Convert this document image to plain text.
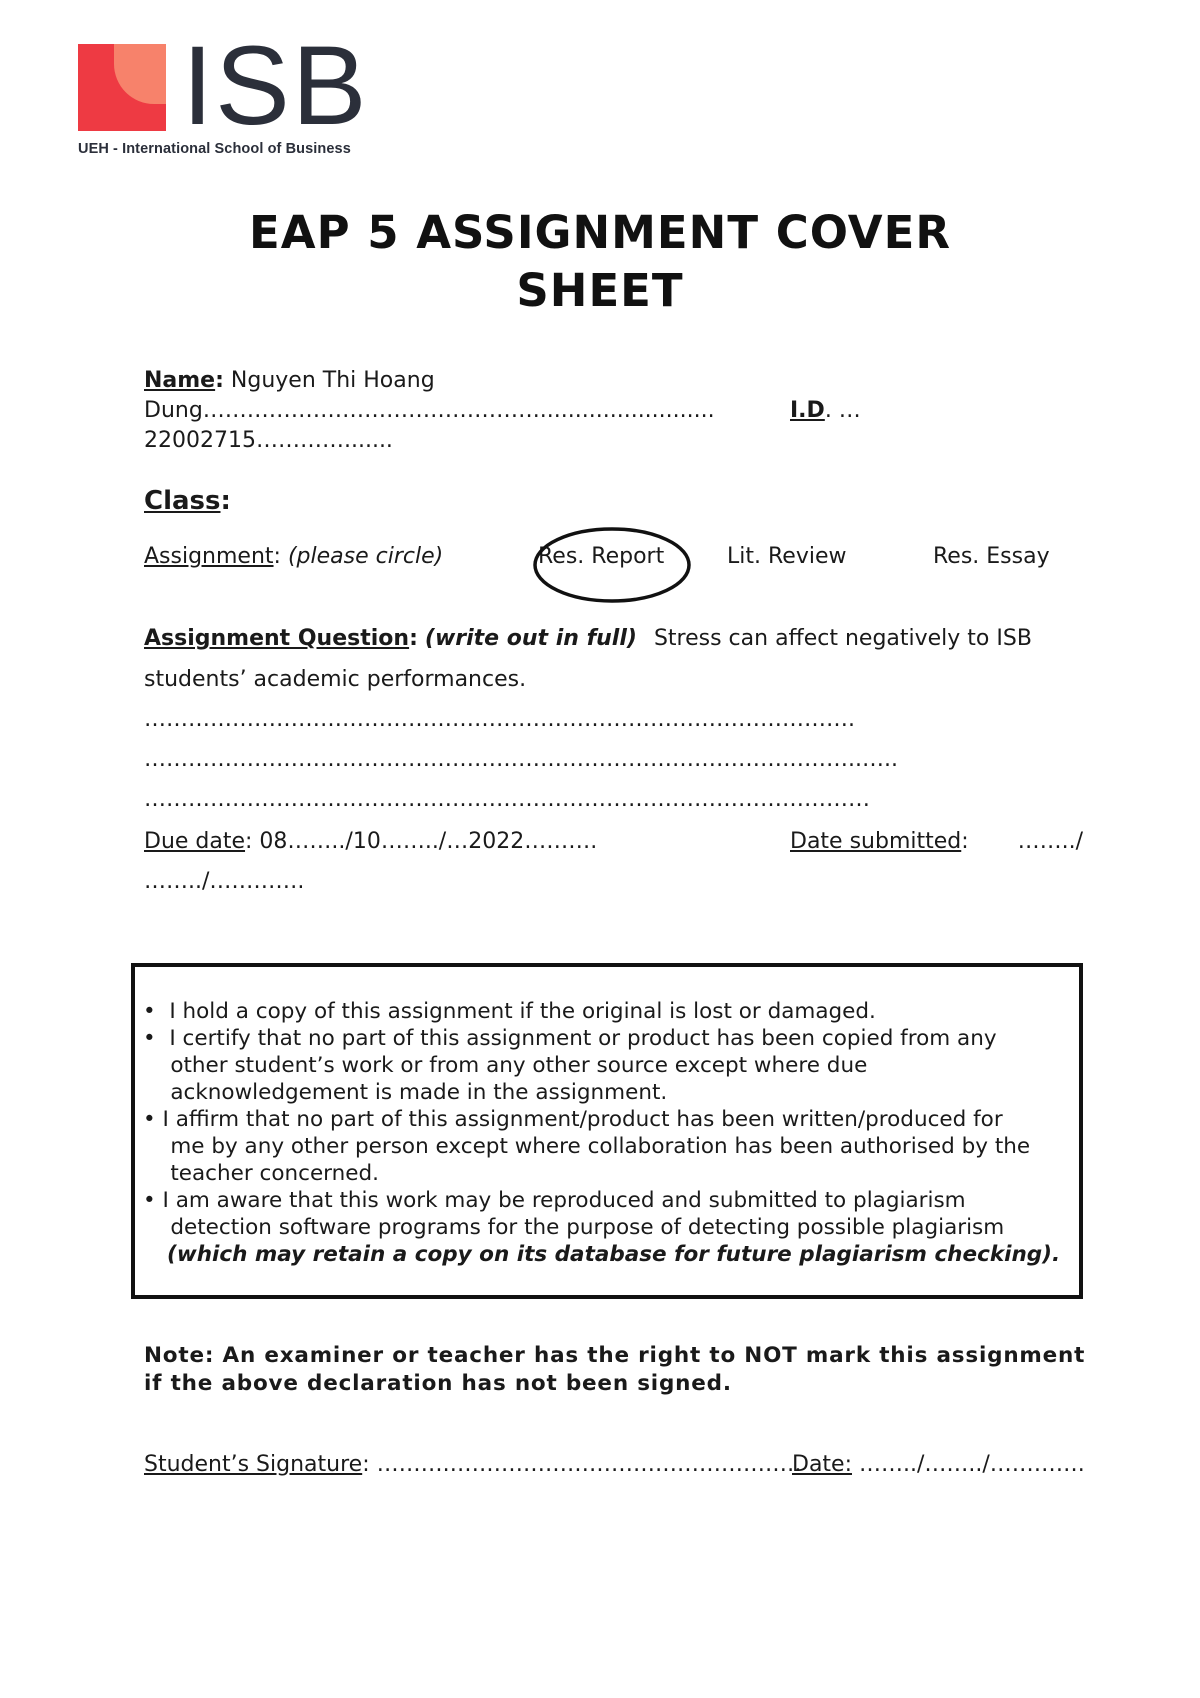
ISB
UEH - International School of Business
EAP 5 ASSIGNMENT COVER
SHEET
Name: Nguyen Thi Hoang
Dung………………………………………..........................	I.D. …
22002715………….......
Class:
Assignment: (please circle)	Res. Report	Lit. Review	Res. Essay
Assignment Question: (write out in full) Stress can affect negatively to ISB
students’ academic performances.
…………………………………………………………………………………….
……………………………………………………………………………………..…..
………………………………………………………………………………………
Due date: 08……../10……../…2022……….	Date submitted:       ……../
……../………….
•  I hold a copy of this assignment if the original is lost or damaged.
•  I certify that no part of this assignment or product has been copied from any
other student’s work or from any other source except where due
acknowledgement is made in the assignment.
• I affirm that no part of this assignment/product has been written/produced for
me by any other person except where collaboration has been authorised by the
teacher concerned.
• I am aware that this work may be reproduced and submitted to plagiarism
detection software programs for the purpose of detecting possible plagiarism
(which may retain a copy on its database for future plagiarism checking).
Note: An examiner or teacher has the right to NOT mark this assignment
if the above declaration has not been signed.
Student’s Signature: ……….…………………………………………
Date: ……../……../………….
